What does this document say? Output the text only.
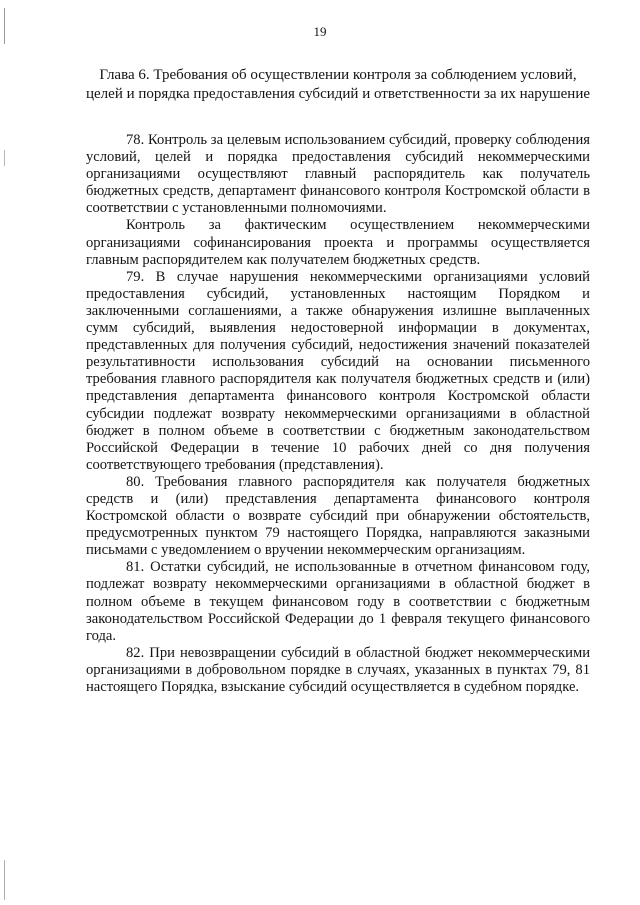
19
Глава 6. Требования об осуществлении контроля за соблюдением условий, целей и порядка предоставления субсидий и ответственности за их нарушение

78. Контроль за целевым использованием субсидий, проверку соблюдения условий, целей и порядка предоставления субсидий некоммерческими организациями осуществляют главный распорядитель как получатель бюджетных средств, департамент финансового контроля Костромской области в соответствии с установленными полномочиями.

Контроль за фактическим осуществлением некоммерческими организациями софинансирования проекта и программы осуществляется главным распорядителем как получателем бюджетных средств.

79. В случае нарушения некоммерческими организациями условий предоставления субсидий, установленных настоящим Порядком и заключенными соглашениями, а также обнаружения излишне выплаченных сумм субсидий, выявления недостоверной информации в документах, представленных для получения субсидий, недостижения значений показателей результативности использования субсидий на основании письменного требования главного распорядителя как получателя бюджетных средств и (или) представления департамента финансового контроля Костромской области субсидии подлежат возврату некоммерческими организациями в областной бюджет в полном объеме в соответствии с бюджетным законодательством Российской Федерации в течение 10 рабочих дней со дня получения соответствующего требования (представления).

80. Требования главного распорядителя как получателя бюджетных средств и (или) представления департамента финансового контроля Костромской области о возврате субсидий при обнаружении обстоятельств, предусмотренных пунктом 79 настоящего Порядка, направляются заказными письмами с уведомлением о вручении некоммерческим организациям.

81. Остатки субсидий, не использованные в отчетном финансовом году, подлежат возврату некоммерческими организациями в областной бюджет в полном объеме в текущем финансовом году в соответствии с бюджетным законодательством Российской Федерации до 1 февраля текущего финансового года.

82. При невозвращении субсидий в областной бюджет некоммерческими организациями в добровольном порядке в случаях, указанных в пунктах 79, 81 настоящего Порядка, взыскание субсидий осуществляется в судебном порядке.
